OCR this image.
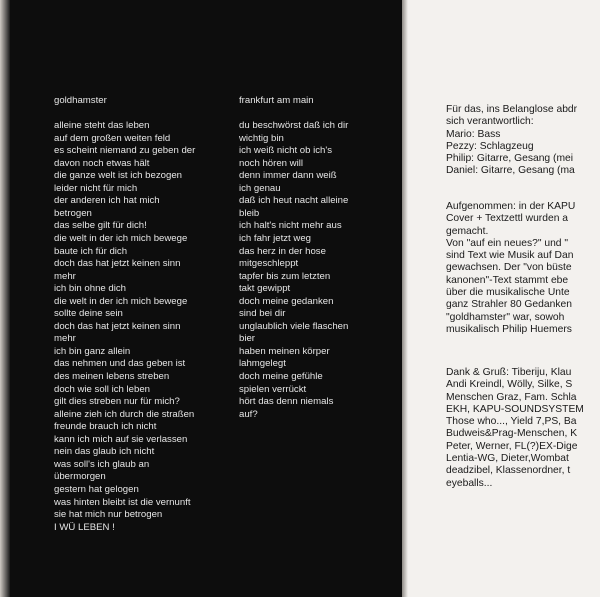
goldhamster
alleine steht das leben
auf dem großen weiten feld
es scheint niemand zu geben der
davon noch etwas hält
die ganze welt ist ich bezogen
leider nicht für mich
der anderen ich hat mich
betrogen
das selbe gilt für dich!
die welt in der ich mich bewege
baute ich für dich
doch das hat jetzt keinen sinn
mehr
ich bin ohne dich
die welt in der ich mich bewege
sollte deine sein
doch das hat jetzt keinen sinn
mehr
ich bin ganz allein
das nehmen und das geben ist
des meinen lebens streben
doch wie soll ich leben
gilt dies streben nur für mich?
alleine zieh ich durch die straßen
freunde brauch ich nicht
kann ich mich auf sie verlassen
nein das glaub ich nicht
was soll's ich glaub an
übermorgen
gestern hat gelogen
was hinten bleibt ist die vernunft
sie hat mich nur betrogen
I WÜ LEBEN !
frankfurt am main
du beschwörst daß ich dir
wichtig bin
ich weiß nicht ob ich's
noch hören will
denn immer dann weiß
ich genau
daß ich heut nacht alleine
bleib
ich halt's nicht mehr aus
ich fahr jetzt weg
das herz in der hose
mitgeschleppt
tapfer bis zum letzten
takt gewippt
doch meine gedanken
sind bei dir
unglaublich viele flaschen
bier
haben meinen körper
lahmgelegt
doch meine gefühle
spielen verrückt
hört das denn niemals
auf?
Für das, ins Belanglose abdr
sich verantwortlich:
Mario: Bass
Pezzy: Schlagzeug
Philip: Gitarre, Gesang (mei
Daniel: Gitarre, Gesang (ma
Aufgenommen: in der KAPU
Cover + Textzettl wurden a
gemacht.
Von "auf ein neues?" und "
sind Text wie Musik auf Dan
gewachsen. Der "von büste
kanonen"-Text stammt ebe
über die musikalische Unte
ganz Strahler 80 Gedanken
"goldhamster" war, sowoh
musikalisch Philip Huemers
Dank & Gruß: Tiberiju, Klau
Andi Kreindl, Wölly, Silke, S
Menschen Graz, Fam. Schla
EKH, KAPU-SOUNDSYSTEM
Those who..., Yield 7,PS, Ba
Budweis&Prag-Menschen, K
Peter, Werner, FL(?)EX-Dige
Lentia-WG, Dieter,Wombat
deadzibel, Klassenordner, t
eyeballs...
